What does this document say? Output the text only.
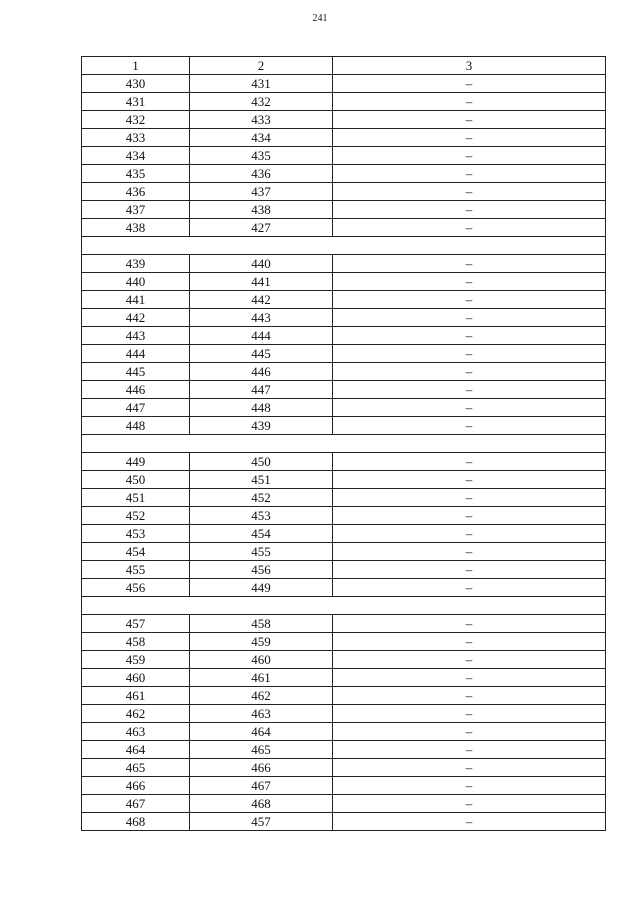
241
1	2	3
430	431	–
431	432	–
432	433	–
433	434	–
434	435	–
435	436	–
436	437	–
437	438	–
438	427	–

439	440	–
440	441	–
441	442	–
442	443	–
443	444	–
444	445	–
445	446	–
446	447	–
447	448	–
448	439	–

449	450	–
450	451	–
451	452	–
452	453	–
453	454	–
454	455	–
455	456	–
456	449	–

457	458	–
458	459	–
459	460	–
460	461	–
461	462	–
462	463	–
463	464	–
464	465	–
465	466	–
466	467	–
467	468	–
468	457	–
